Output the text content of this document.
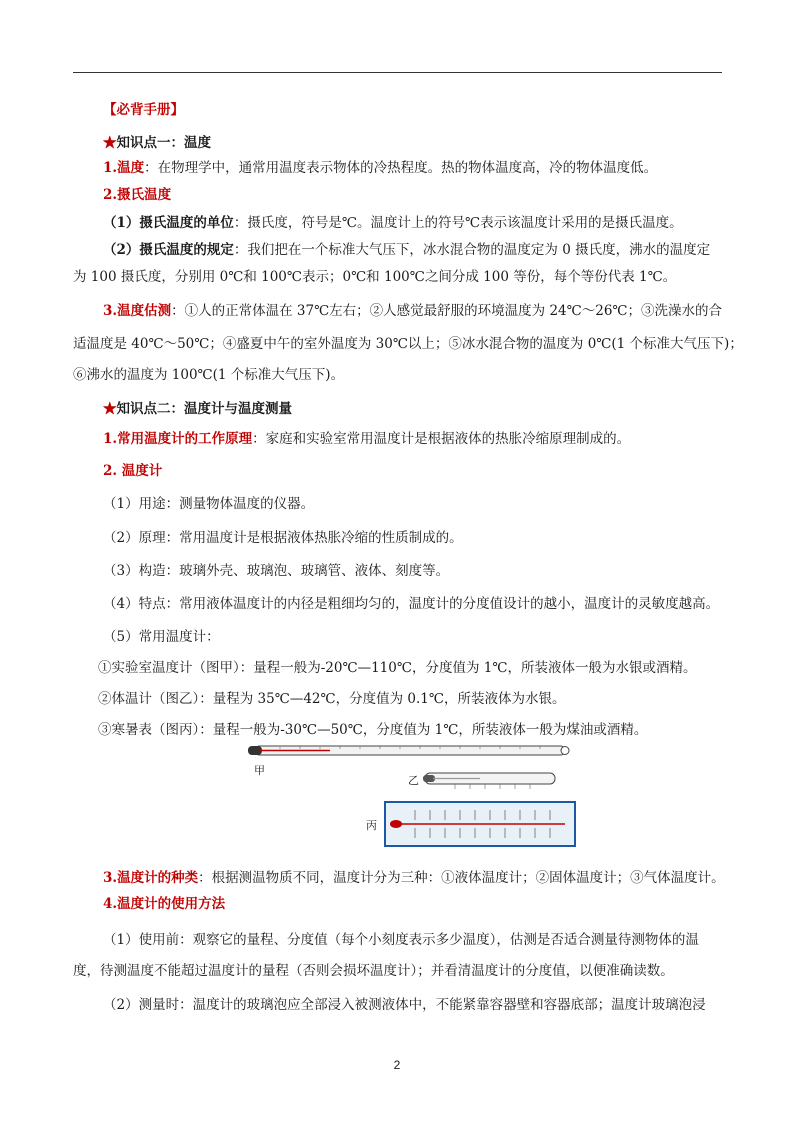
【必背手册】
★知识点一：温度
1.温度：在物理学中，通常用温度表示物体的冷热程度。热的物体温度高，冷的物体温度低。
2.摄氏温度
（1）摄氏温度的单位：摄氏度，符号是℃。温度计上的符号℃表示该温度计采用的是摄氏温度。
（2）摄氏温度的规定：我们把在一个标准大气压下，冰水混合物的温度定为 0 摄氏度，沸水的温度定
为 100 摄氏度，分别用 0℃和 100℃表示；0℃和 100℃之间分成 100 等份，每个等份代表 1℃。
3.温度估测：①人的正常体温在 37℃左右；②人感觉最舒服的环境温度为 24℃～26℃；③洗澡水的合
适温度是 40℃～50℃；④盛夏中午的室外温度为 30℃以上；⑤冰水混合物的温度为 0℃(1 个标准大气压下)；
⑥沸水的温度为 100℃(1 个标准大气压下)。
★知识点二：温度计与温度测量
1.常用温度计的工作原理：家庭和实验室常用温度计是根据液体的热胀冷缩原理制成的。
2. 温度计
（1）用途：测量物体温度的仪器。
（2）原理：常用温度计是根据液体热胀冷缩的性质制成的。
（3）构造：玻璃外壳、玻璃泡、玻璃管、液体、刻度等。
（4）特点：常用液体温度计的内径是粗细均匀的，温度计的分度值设计的越小，温度计的灵敏度越高。
（5）常用温度计：
①实验室温度计（图甲）：量程一般为-20℃—110℃，分度值为 1℃，所装液体一般为水银或酒精。
②体温计（图乙）：量程为 35℃—42℃，分度值为 0.1℃，所装液体为水银。
③寒暑表（图丙）：量程一般为-30℃—50℃，分度值为 1℃，所装液体一般为煤油或酒精。
甲
乙
丙
3.温度计的种类：根据测温物质不同，温度计分为三种：①液体温度计；②固体温度计；③气体温度计。
4.温度计的使用方法
（1）使用前：观察它的量程、分度值（每个小刻度表示多少温度），估测是否适合测量待测物体的温
度，待测温度不能超过温度计的量程（否则会损坏温度计）；并看清温度计的分度值，以便准确读数。
（2）测量时：温度计的玻璃泡应全部浸入被测液体中，不能紧靠容器壁和容器底部；温度计玻璃泡浸
2
